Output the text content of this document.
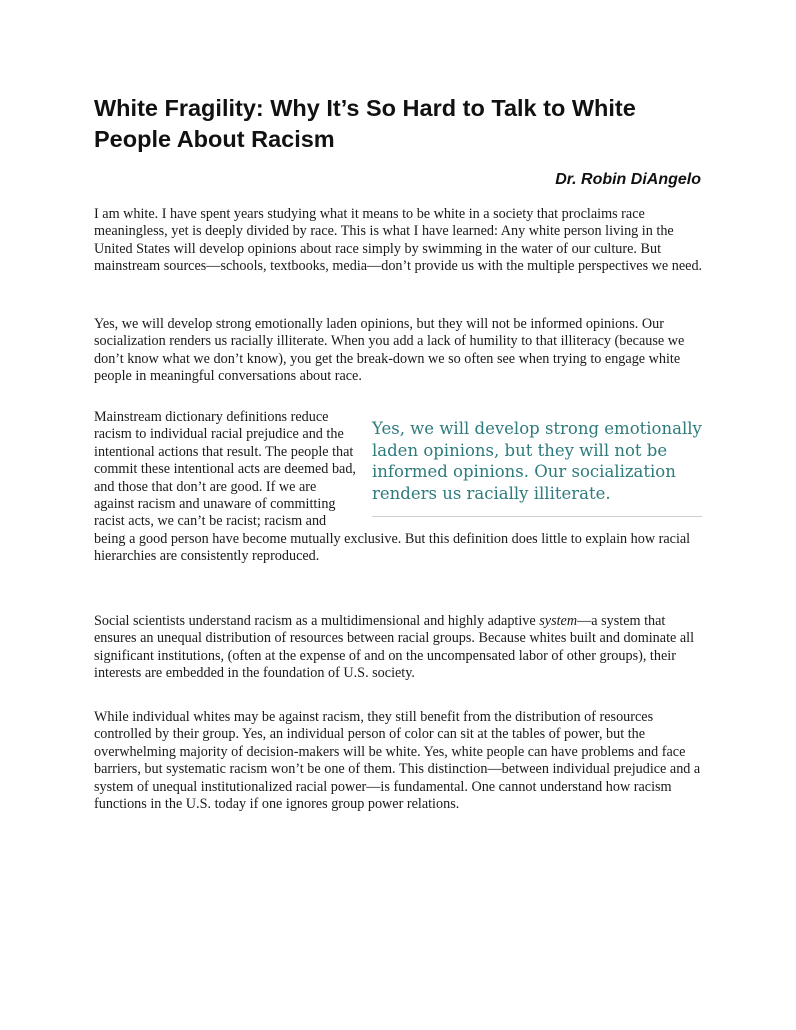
White Fragility: Why It’s So Hard to Talk to White People About Racism

Dr. Robin DiAngelo

I am white. I have spent years studying what it means to be white in a society that proclaims race meaningless, yet is deeply divided by race. This is what I have learned: Any white person living in the United States will develop opinions about race simply by swimming in the water of our culture. But mainstream sources—schools, textbooks, media—don’t provide us with the multiple perspectives we need.

Yes, we will develop strong emotionally laden opinions, but they will not be informed opinions. Our socialization renders us racially illiterate. When you add a lack of humility to that illiteracy (because we don’t know what we don’t know), you get the break-down we so often see when trying to engage white people in meaningful conversations about race.

Yes, we will develop strong emotionally laden opinions, but they will not be informed opinions. Our socialization renders us racially illiterate.
Mainstream dictionary definitions reduce racism to individual racial prejudice and the intentional actions that result. The people that commit these intentional acts are deemed bad, and those that don’t are good. If we are against racism and unaware of committing racist acts, we can’t be racist; racism and being a good person have become mutually exclusive. But this definition does little to explain how racial hierarchies are consistently reproduced.

Social scientists understand racism as a multidimensional and highly adaptive system—a system that ensures an unequal distribution of resources between racial groups. Because whites built and dominate all significant institutions, (often at the expense of and on the uncompensated labor of other groups), their interests are embedded in the foundation of U.S. society.

While individual whites may be against racism, they still benefit from the distribution of resources controlled by their group. Yes, an individual person of color can sit at the tables of power, but the overwhelming majority of decision-makers will be white. Yes, white people can have problems and face barriers, but systematic racism won’t be one of them. This distinction—between individual prejudice and a system of unequal institutionalized racial power—is fundamental. One cannot understand how racism functions in the U.S. today if one ignores group power relations.
